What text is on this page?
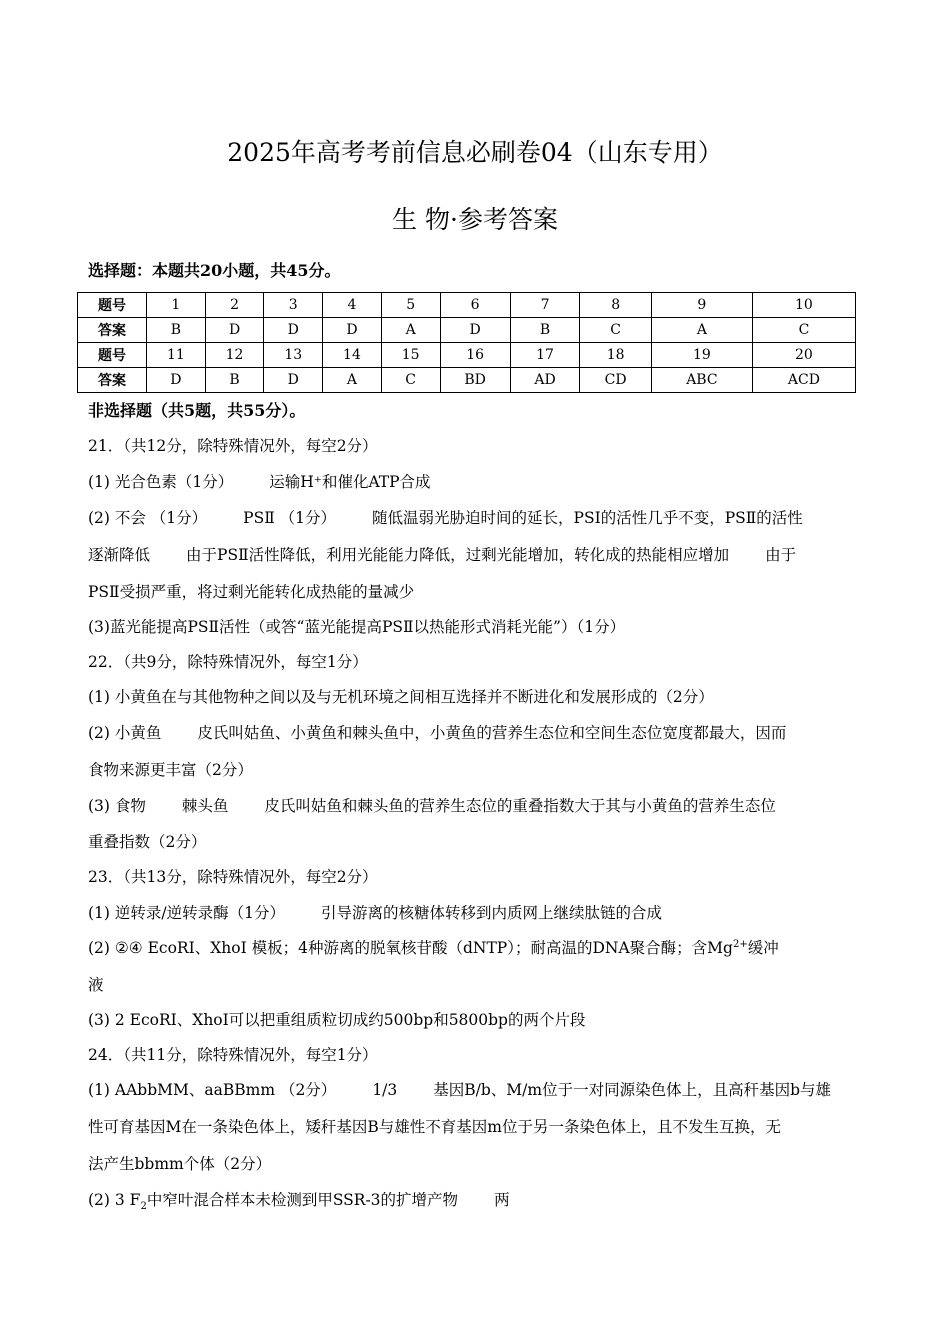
2025年高考考前信息必刷卷04（山东专用）
生 物·参考答案
选择题：本题共20小题，共45分。
题号	1	2	3	4	5	6	7	8	9	10
答案	B	D	D	D	A	D	B	C	A	C
题号	11	12	13	14	15	16	17	18	19	20
答案	D	B	D	A	C	BD	AD	CD	ABC	ACD
非选择题（共5题，共55分）。
21．（共12分，除特殊情况外，每空2分）
(1) 光合色素（1分） 运输H⁺和催化ATP合成
(2) 不会 （1分） PSⅡ （1分） 随低温弱光胁迫时间的延长，PSⅠ的活性几乎不变，PSⅡ的活性
逐渐降低 由于PSⅡ活性降低，利用光能能力降低，过剩光能增加，转化成的热能相应增加 由于
PSⅡ受损严重，将过剩光能转化成热能的量减少
(3)蓝光能提高PSⅡ活性（或答“蓝光能提高PSⅡ以热能形式消耗光能”）（1分）
22．（共9分，除特殊情况外，每空1分）
(1) 小黄鱼在与其他物种之间以及与无机环境之间相互选择并不断进化和发展形成的（2分）
(2) 小黄鱼 皮氏叫姑鱼、小黄鱼和棘头鱼中，小黄鱼的营养生态位和空间生态位宽度都最大，因而
食物来源更丰富（2分）
(3) 食物 棘头鱼 皮氏叫姑鱼和棘头鱼的营养生态位的重叠指数大于其与小黄鱼的营养生态位
重叠指数（2分）
23．（共13分，除特殊情况外，每空2分）
(1) 逆转录/逆转录酶（1分） 引导游离的核糖体转移到内质网上继续肽链的合成
(2) ②④ EcoRI、XhoI 模板；4种游离的脱氧核苷酸（dNTP）；耐高温的DNA聚合酶；含$Mg^{2+}$缓冲
液
(3) 2 EcoRI、XhoI可以把重组质粒切成约500bp和5800bp的两个片段
24．（共11分，除特殊情况外，每空1分）
(1) AAbbMM、aaBBmm （2分） 1/3 基因B/b、M/m位于一对同源染色体上，且高秆基因b与雄
性可育基因M在一条染色体上，矮秆基因B与雄性不育基因m位于另一条染色体上，且不发生互换，无
法产生bbmm个体（2分）
(2) 3 $F_2$中窄叶混合样本未检测到甲SSR-3的扩增产物 两
